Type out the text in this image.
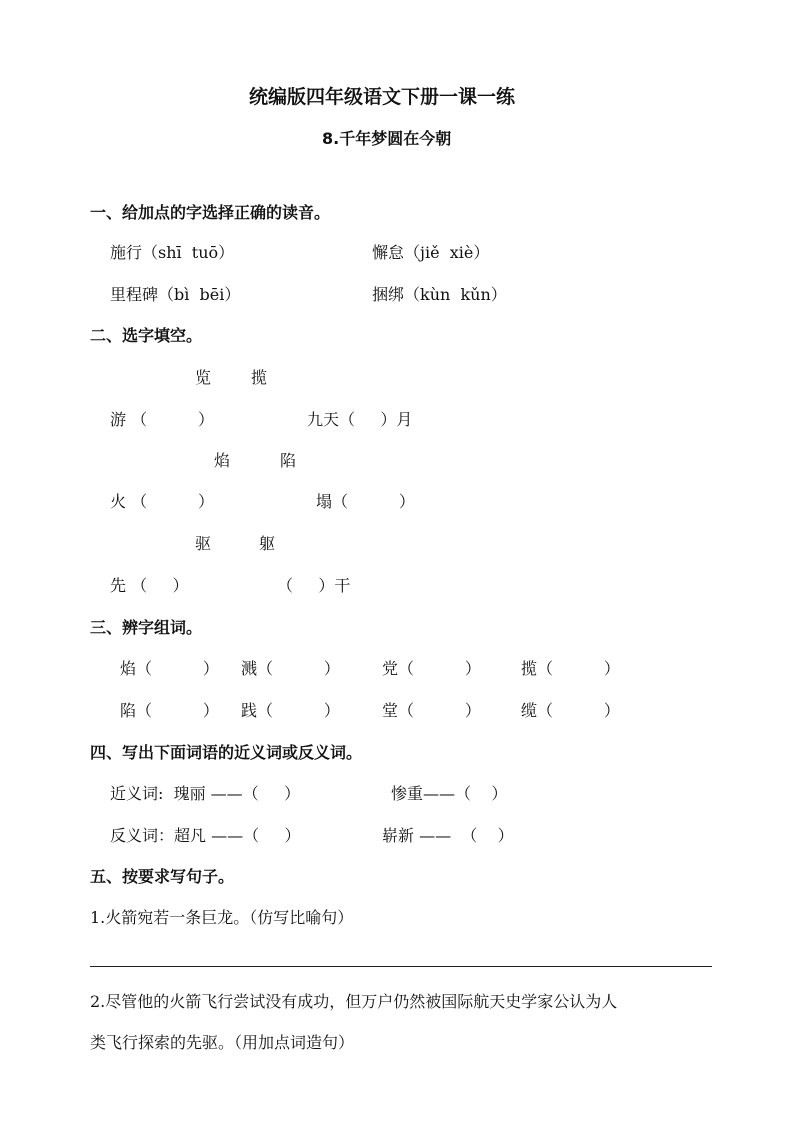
统编版四年级语文下册一课一练
8.千年梦圆在今朝
一、给加点的字选择正确的读音。
施行（shī  tuō）	懈怠（jiě  xiè）
里程碑（bì  bēi）	捆绑（kùn  kǔn）
二、选字填空。
览 揽
游 （          ）	九天（     ）月
焰	陷
火 （          ）	塌（          ）
驱	躯
先 （     ）	（     ）干
三、辨字组词。
焰（          ） 溅（          ）	党（          ）	揽（          ）
陷（          ） 践（          ）	堂（          ）	缆（          ）
四、写出下面词语的近义词或反义词。
近义词:  瑰丽 ——（     ）	惨重——（    ）
反义词：超凡 ——（     ）	崭新 ——  （    ）
五、按要求写句子。
1.火箭宛若一条巨龙。（仿写比喻句）
2.尽管他的火箭飞行尝试没有成功，但万户仍然被国际航天史学家公认为人
类飞行探索的先驱。（用加点词造句）
